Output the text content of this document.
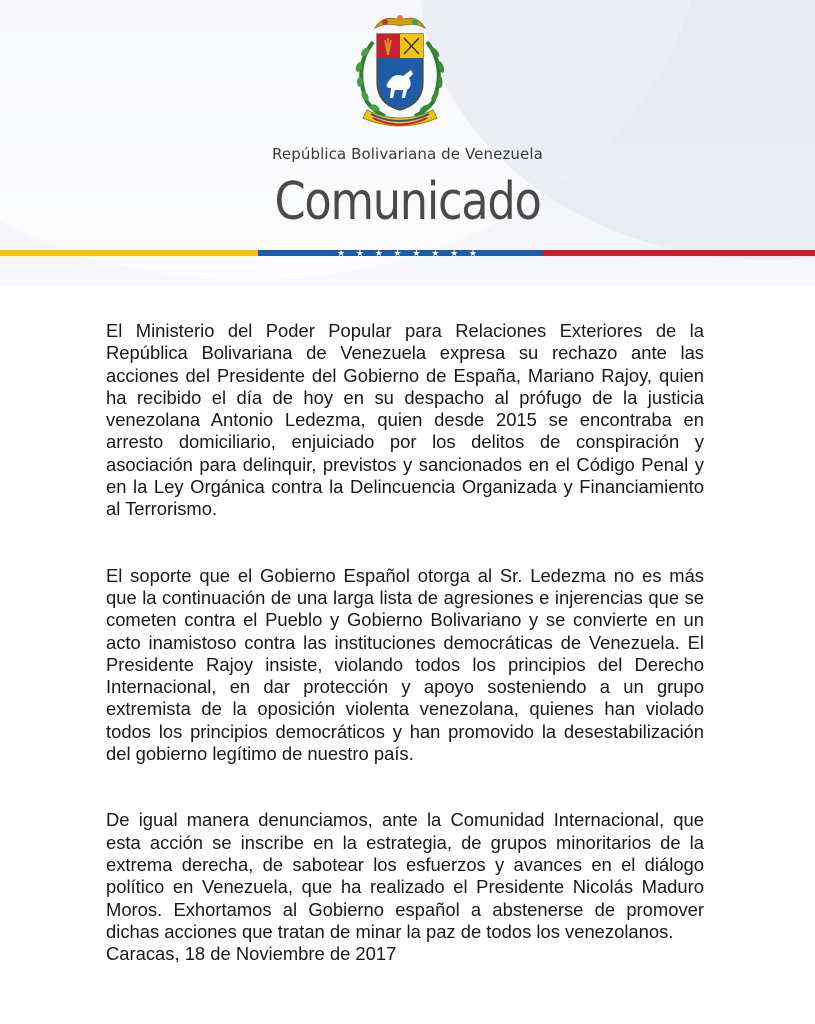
República Bolivariana de Venezuela
Comunicado
★ ★ ★ ★ ★ ★ ★ ★

El Ministerio del Poder Popular para Relaciones Exteriores de la República Bolivariana de Venezuela expresa su rechazo ante las acciones del Presidente del Gobierno de España, Mariano Rajoy, quien ha recibido el día de hoy en su despacho al prófugo de la justicia venezolana Antonio Ledezma, quien desde 2015 se encontraba en arresto domiciliario, enjuiciado por los delitos de conspiración y asociación para delinquir, previstos y sancionados en el Código Penal y en la Ley Orgánica contra la Delincuencia Organizada y Financiamiento al Terrorismo.

El soporte que el Gobierno Español otorga al Sr. Ledezma no es más que la continuación de una larga lista de agresiones e injerencias que se cometen contra el Pueblo y Gobierno Bolivariano y se convierte en un acto inamistoso contra las instituciones democráticas de Venezuela. El Presidente Rajoy insiste, violando todos los principios del Derecho Internacional, en dar protección y apoyo sosteniendo a un grupo extremista de la oposición violenta venezolana, quienes han violado todos los principios democráticos y han promovido la desestabilización del gobierno legítimo de nuestro país.

De igual manera denunciamos, ante la Comunidad Internacional, que esta acción se inscribe en la estrategia, de grupos minoritarios de la extrema derecha, de sabotear los esfuerzos y avances en el diálogo político en Venezuela, que ha realizado el Presidente Nicolás Maduro Moros. Exhortamos al Gobierno español a abstenerse de promover dichas acciones que tratan de minar la paz de todos los venezolanos.

Caracas, 18 de Noviembre de 2017
